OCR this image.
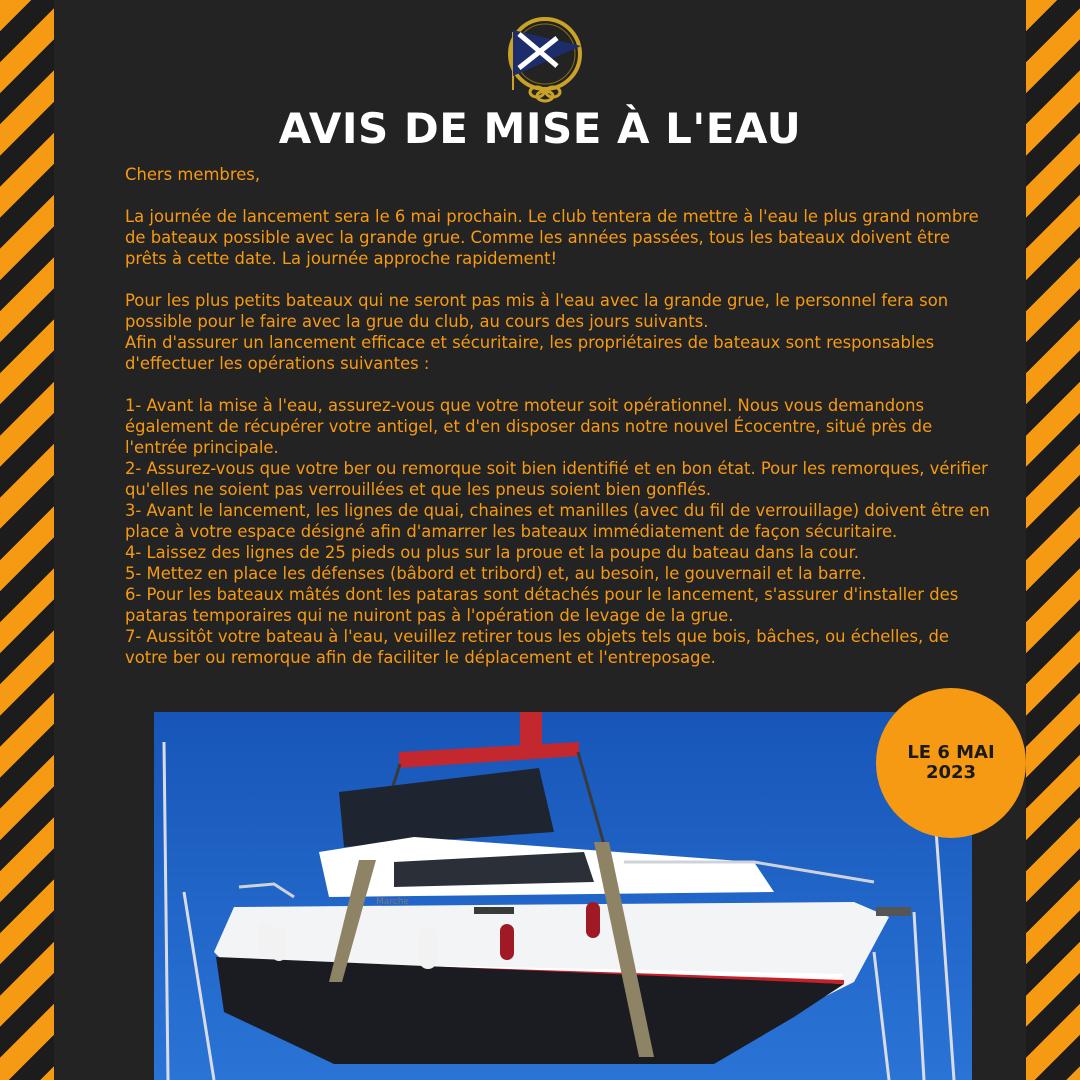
AVIS DE MISE À L'EAU

Chers membres,

La journée de lancement sera le 6 mai prochain. Le club tentera de mettre à l'eau le plus grand nombre de bateaux possible avec la grande grue. Comme les années passées, tous les bateaux doivent être prêts à cette date. La journée approche rapidement!

Pour les plus petits bateaux qui ne seront pas mis à l'eau avec la grande grue, le personnel fera son possible pour le faire avec la grue du club, au cours des jours suivants.
Afin d'assurer un lancement efficace et sécuritaire, les propriétaires de bateaux sont responsables d'effectuer les opérations suivantes :

1- Avant la mise à l'eau, assurez-vous que votre moteur soit opérationnel. Nous vous demandons également de récupérer votre antigel, et d'en disposer dans notre nouvel Écocentre, situé près de l'entrée principale.
2- Assurez-vous que votre ber ou remorque soit bien identifié et en bon état. Pour les remorques, vérifier qu'elles ne soient pas verrouillées et que les pneus soient bien gonflés.
3- Avant le lancement, les lignes de quai, chaines et manilles (avec du fil de verrouillage) doivent être en place à votre espace désigné afin d'amarrer les bateaux immédiatement de façon sécuritaire.
4- Laissez des lignes de 25 pieds ou plus sur la proue et la poupe du bateau dans la cour.
5- Mettez en place les défenses (bâbord et tribord) et, au besoin, le gouvernail et la barre.
6- Pour les bateaux mâtés dont les pataras sont détachés pour le lancement, s'assurer d'installer des pataras temporaires qui ne nuiront pas à l'opération de levage de la grue.
7- Aussitôt votre bateau à l'eau, veuillez retirer tous les objets tels que bois, bâches, ou échelles, de votre ber ou remorque afin de faciliter le déplacement et l'entreposage.
Marche
LE 6 MAI
2023
